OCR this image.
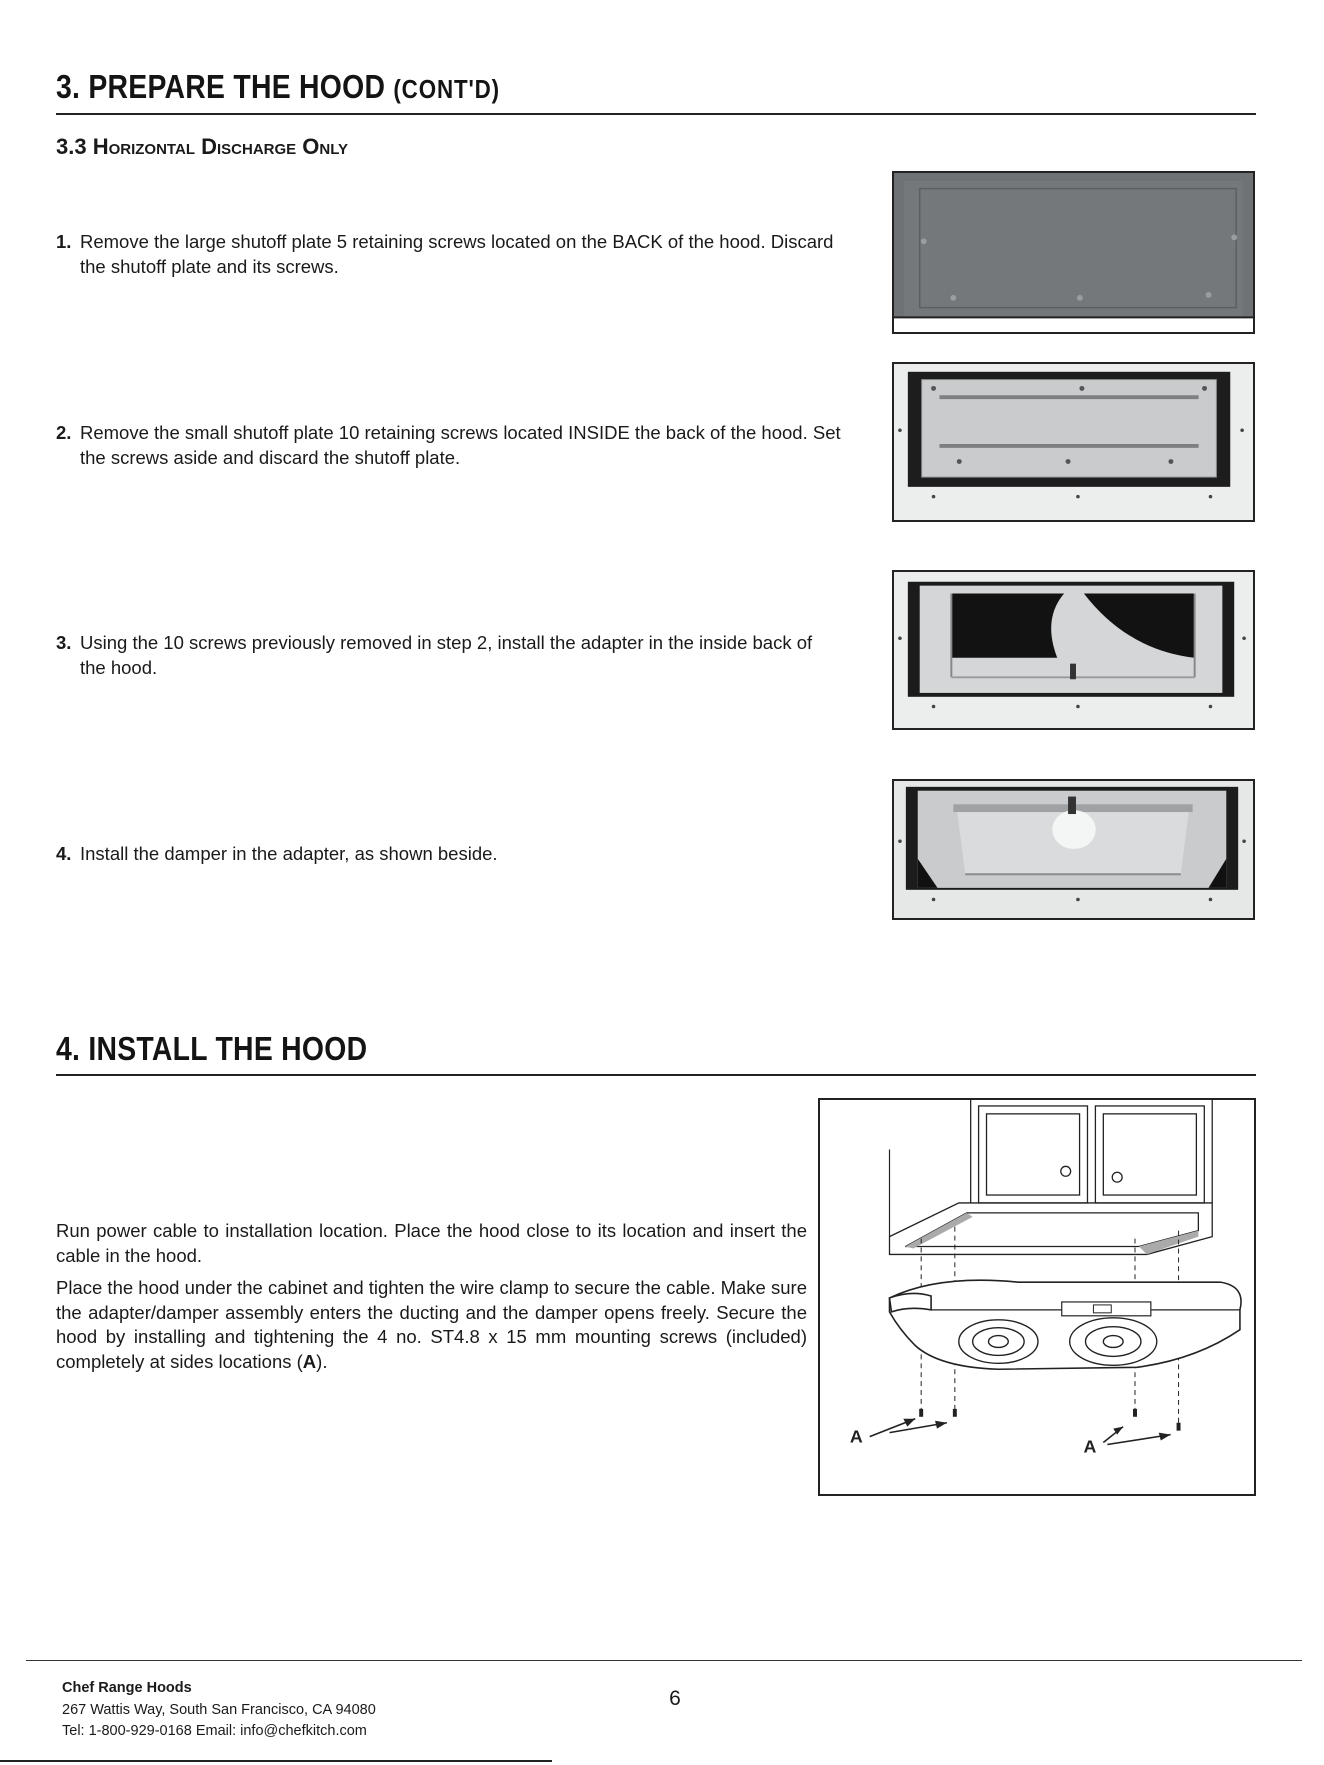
3. PREPARE THE HOOD (CONT'D)
3.3 Horizontal Discharge Only
1. Remove the large shutoff plate 5 retaining screws located on the BACK of the hood. Discard
the shutoff plate and its screws.
2. Remove the small shutoff plate 10 retaining screws located INSIDE the back of the hood. Set
the screws aside and discard the shutoff plate.
3. Using the 10 screws previously removed in step 2, install the adapter in the inside back of
the hood.
4. Install the damper in the adapter, as shown beside.
4. INSTALL THE HOOD

Run power cable to installation location. Place the hood close to its location and insert the cable in the hood.

Place the hood under the cabinet and tighten the wire clamp to secure the cable. Make sure the adapter/damper assembly enters the ducting and the damper opens freely. Secure the hood by installing and tightening the 4 no. ST4.8 x 15 mm mounting screws (included) completely at sides locations (A).

A	A
Chef Range Hoods
267 Wattis Way, South San Francisco, CA 94080
Tel: 1-800-929-0168 Email: info@chefkitch.com
6
